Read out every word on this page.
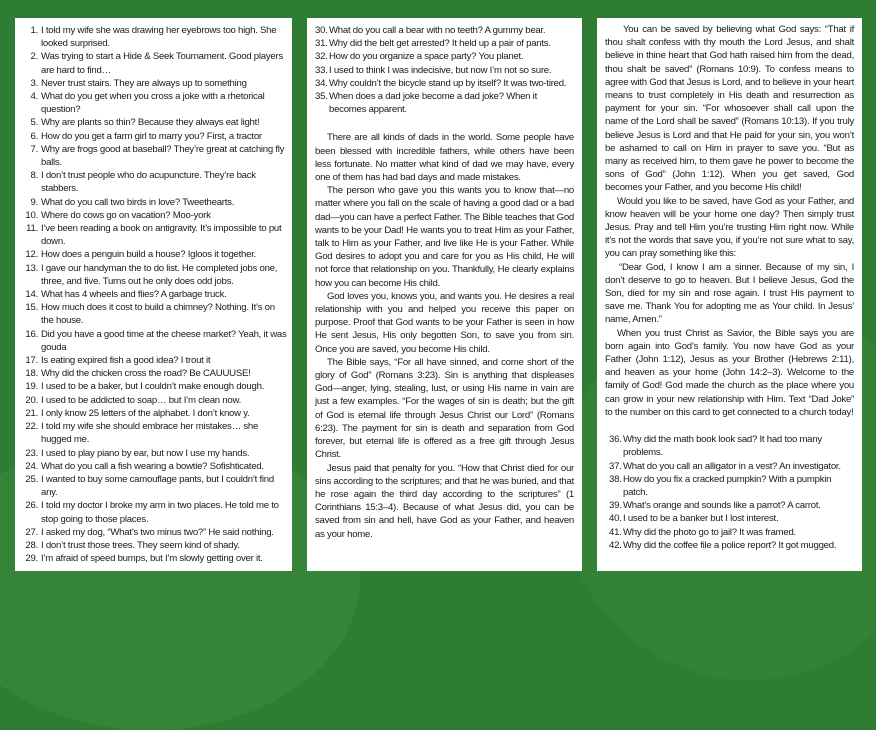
1. I told my wife she was drawing her eyebrows too high. She looked surprised.
2. Was trying to start a Hide & Seek Tournament. Good players are hard to find…
3. Never trust stairs. They are always up to something
4. What do you get when you cross a joke with a rhetorical question?
5. Why are plants so thin? Because they always eat light!
6. How do you get a farm girl to marry you? First, a tractor
7. Why are frogs good at baseball? They’re great at catching fly balls.
8. I don’t trust people who do acupuncture. They’re back stabbers.
9. What do you call two birds in love? Tweethearts.
10. Where do cows go on vacation? Moo-york
11. I’ve been reading a book on antigravity. It’s impossible to put down.
12. How does a penguin build a house? Igloos it together.
13. I gave our handyman the to do list. He completed jobs one, three, and five. Turns out he only does odd jobs.
14. What has 4 wheels and flies? A garbage truck.
15. How much does it cost to build a chimney? Nothing. It’s on the house.
16. Did you have a good time at the cheese market? Yeah, it was gouda
17. Is eating expired fish a good idea? I trout it
18. Why did the chicken cross the road? Be CAUUUSE!
19. I used to be a baker, but I couldn’t make enough dough.
20. I used to be addicted to soap… but I’m clean now.
21. I only know 25 letters of the alphabet. I don’t know y.
22. I told my wife she should embrace her mistakes… she hugged me.
23. I used to play piano by ear, but now I use my hands.
24. What do you call a fish wearing a bowtie? Sofishticated.
25. I wanted to buy some camouflage pants, but I couldn’t find any.
26. I told my doctor I broke my arm in two places. He told me to stop going to those places.
27. I asked my dog, “What’s two minus two?” He said nothing.
28. I don’t trust those trees. They seem kind of shady.
29. I’m afraid of speed bumps, but I’m slowly getting over it.
30. What do you call a bear with no teeth? A gummy bear.
31. Why did the belt get arrested? It held up a pair of pants.
32. How do you organize a space party? You planet.
33. I used to think I was indecisive, but now I’m not so sure.
34. Why couldn’t the bicycle stand up by itself? It was two-tired.
35. When does a dad joke become a dad joke? When it becomes apparent.

There are all kinds of dads in the world. Some people have been blessed with incredible fathers, while others have been less fortunate. No matter what kind of dad we may have, every one of them has had bad days and made mistakes.

The person who gave you this wants you to know that—no matter where you fall on the scale of having a good dad or a bad dad—you can have a perfect Father. The Bible teaches that God wants to be your Dad! He wants you to treat Him as your Father, talk to Him as your Father, and live like He is your Father. While God desires to adopt you and care for you as His child, He will not force that relationship on you. Thankfully, He clearly explains how you can become His child.

God loves you, knows you, and wants you. He desires a real relationship with you and helped you receive this paper on purpose. Proof that God wants to be your Father is seen in how He sent Jesus, His only begotten Son, to save you from sin. Once you are saved, you become His child.

The Bible says, “For all have sinned, and come short of the glory of God” (Romans 3:23). Sin is anything that displeases God—anger, lying, stealing, lust, or using His name in vain are just a few examples. “For the wages of sin is death; but the gift of God is eternal life through Jesus Christ our Lord” (Romans 6:23). The payment for sin is death and separation from God forever, but eternal life is offered as a free gift through Jesus Christ.

Jesus paid that penalty for you. “How that Christ died for our sins according to the scriptures; and that he was buried, and that he rose again the third day according to the scriptures” (1 Corinthians 15:3–4). Because of what Jesus did, you can be saved from sin and hell, have God as your Father, and heaven as your home.

You can be saved by believing what God says: “That if thou shalt confess with thy mouth the Lord Jesus, and shalt believe in thine heart that God hath raised him from the dead, thou shalt be saved” (Romans 10:9). To confess means to agree with God that Jesus is Lord, and to believe in your heart means to trust completely in His death and resurrection as payment for your sin. “For whosoever shall call upon the name of the Lord shall be saved” (Romans 10:13). If you truly believe Jesus is Lord and that He paid for your sin, you won’t be ashamed to call on Him in prayer to save you. “But as many as received him, to them gave he power to become the sons of God” (John 1:12). When you get saved, God becomes your Father, and you become His child!

Would you like to be saved, have God as your Father, and know heaven will be your home one day? Then simply trust Jesus. Pray and tell Him you’re trusting Him right now. While it’s not the words that save you, if you’re not sure what to say, you can pray something like this:

“Dear God, I know I am a sinner. Because of my sin, I don’t deserve to go to heaven. But I believe Jesus, God the Son, died for my sin and rose again. I trust His payment to save me. Thank You for adopting me as Your child. In Jesus’ name, Amen.”

When you trust Christ as Savior, the Bible says you are born again into God’s family. You now have God as your Father (John 1:12), Jesus as your Brother (Hebrews 2:11), and heaven as your home (John 14:2–3). Welcome to the family of God! God made the church as the place where you can grow in your new relationship with Him. Text “Dad Joke” to the number on this card to get connected to a church today!

36. Why did the math book look sad? It had too many problems.
37. What do you call an alligator in a vest? An investigator.
38. How do you fix a cracked pumpkin? With a pumpkin patch.
39. What’s orange and sounds like a parrot? A carrot.
40. I used to be a banker but I lost interest.
41. Why did the photo go to jail? It was framed.
42. Why did the coffee file a police report? It got mugged.
